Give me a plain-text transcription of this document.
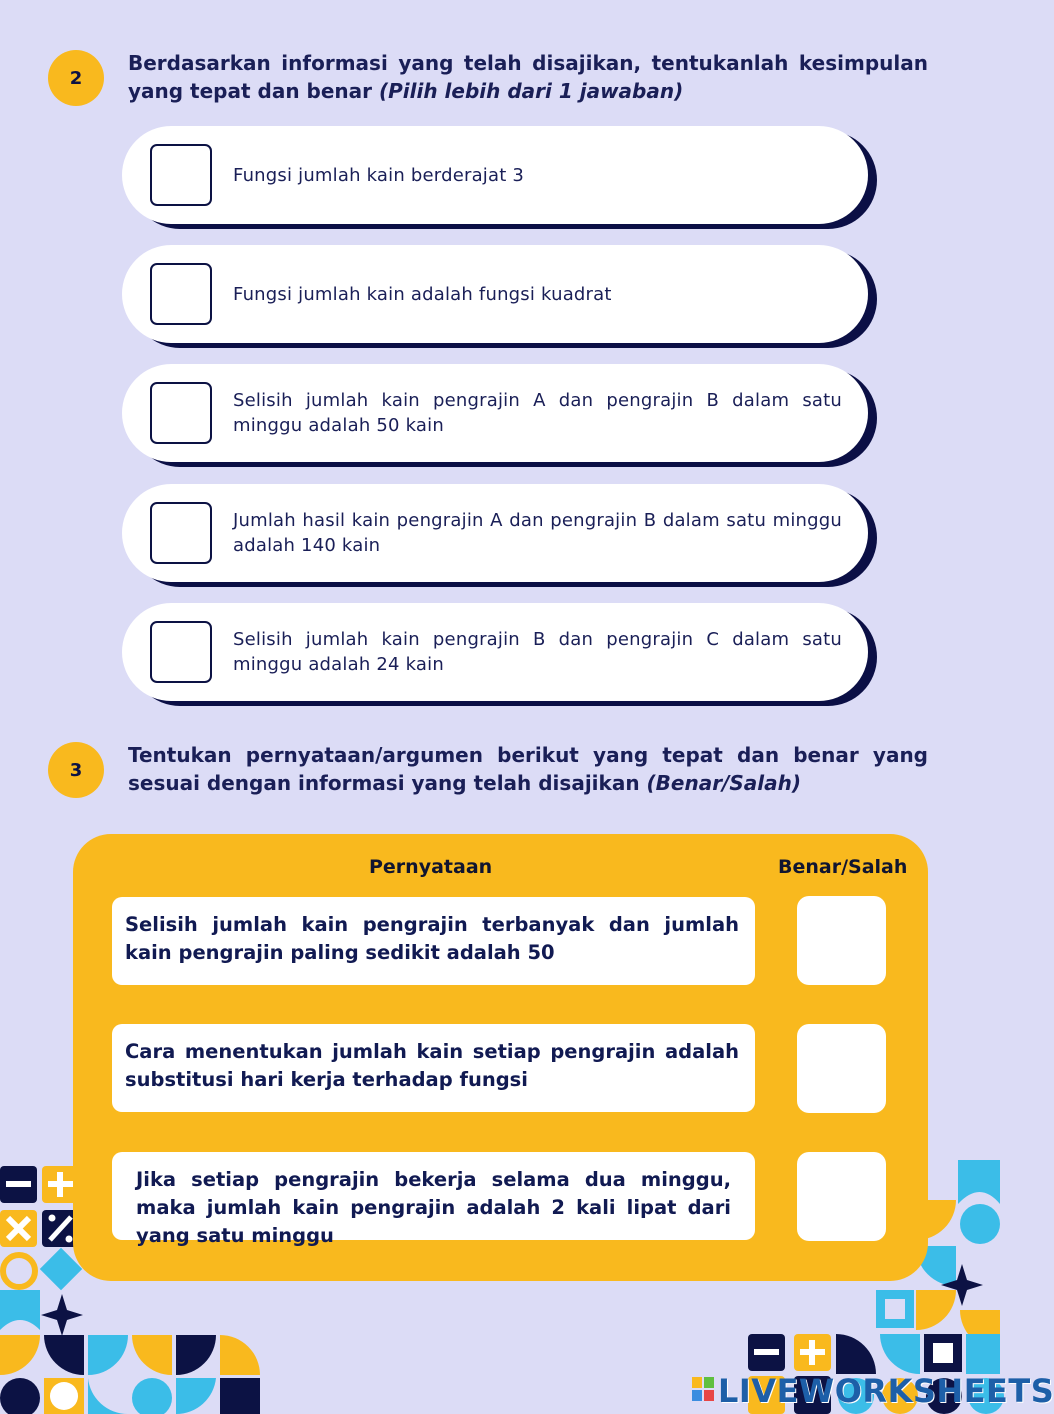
2
Berdasarkan informasi yang telah disajikan, tentukanlah kesimpulan yang tepat dan benar (Pilih lebih dari 1 jawaban)
Fungsi jumlah kain berderajat 3
Fungsi jumlah kain adalah fungsi kuadrat
Selisih jumlah kain pengrajin A dan pengrajin B dalam satu minggu adalah 50 kain
Jumlah hasil kain pengrajin A dan pengrajin B dalam satu minggu adalah 140 kain
Selisih jumlah kain pengrajin B dan pengrajin C dalam satu minggu adalah 24 kain
3
Tentukan pernyataan/argumen berikut yang tepat dan benar yang sesuai dengan informasi yang telah disajikan (Benar/Salah)
Pernyataan	Benar/Salah
Selisih jumlah kain pengrajin terbanyak dan jumlah kain pengrajin paling sedikit adalah 50
Cara menentukan jumlah kain setiap pengrajin adalah substitusi hari kerja terhadap fungsi
Jika setiap pengrajin bekerja selama dua minggu, maka jumlah kain pengrajin adalah 2 kali lipat dari yang satu minggu
LIVEWORKSHEETS
